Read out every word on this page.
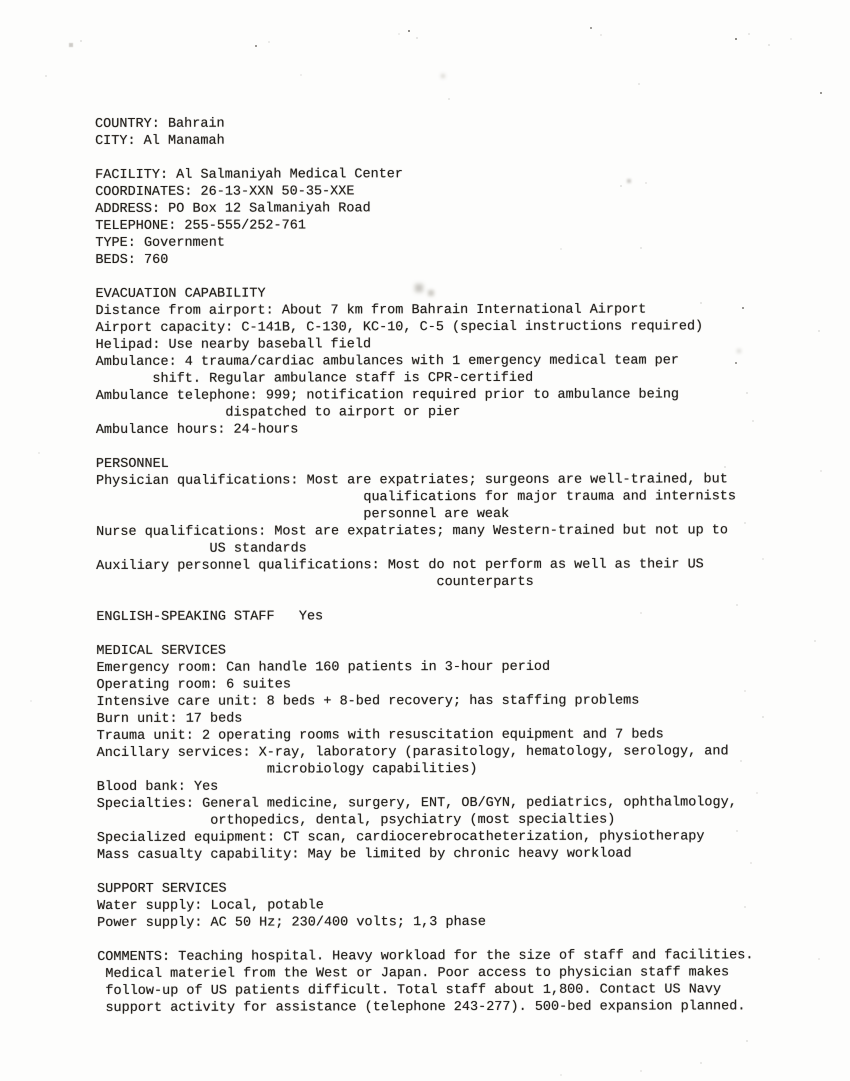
COUNTRY: Bahrain
CITY: Al Manamah
FACILITY: Al Salmaniyah Medical Center
COORDINATES: 26-13-XXN 50-35-XXE
ADDRESS: PO Box 12 Salmaniyah Road
TELEPHONE: 255-555/252-761
TYPE: Government
BEDS: 760
EVACUATION CAPABILITY
Distance from airport: About 7 km from Bahrain International Airport
Airport capacity: C-141B, C-130, KC-10, C-5 (special instructions required)
Helipad: Use nearby baseball field
Ambulance: 4 trauma/cardiac ambulances with 1 emergency medical team per
shift. Regular ambulance staff is CPR-certified
Ambulance telephone: 999; notification required prior to ambulance being
dispatched to airport or pier
Ambulance hours: 24-hours
PERSONNEL
Physician qualifications: Most are expatriates; surgeons are well-trained, but
qualifications for major trauma and internists
personnel are weak
Nurse qualifications: Most are expatriates; many Western-trained but not up to
US standards
Auxiliary personnel qualifications: Most do not perform as well as their US
counterparts
ENGLISH-SPEAKING STAFF   Yes
MEDICAL SERVICES
Emergency room: Can handle 160 patients in 3-hour period
Operating room: 6 suites
Intensive care unit: 8 beds + 8-bed recovery; has staffing problems
Burn unit: 17 beds
Trauma unit: 2 operating rooms with resuscitation equipment and 7 beds
Ancillary services: X-ray, laboratory (parasitology, hematology, serology, and
microbiology capabilities)
Blood bank: Yes
Specialties: General medicine, surgery, ENT, OB/GYN, pediatrics, ophthalmology,
orthopedics, dental, psychiatry (most specialties)
Specialized equipment: CT scan, cardiocerebrocatheterization, physiotherapy
Mass casualty capability: May be limited by chronic heavy workload
SUPPORT SERVICES
Water supply: Local, potable
Power supply: AC 50 Hz; 230/400 volts; 1,3 phase
COMMENTS: Teaching hospital. Heavy workload for the size of staff and facilities.
Medical materiel from the West or Japan. Poor access to physician staff makes
follow-up of US patients difficult. Total staff about 1,800. Contact US Navy
support activity for assistance (telephone 243-277). 500-bed expansion planned.
